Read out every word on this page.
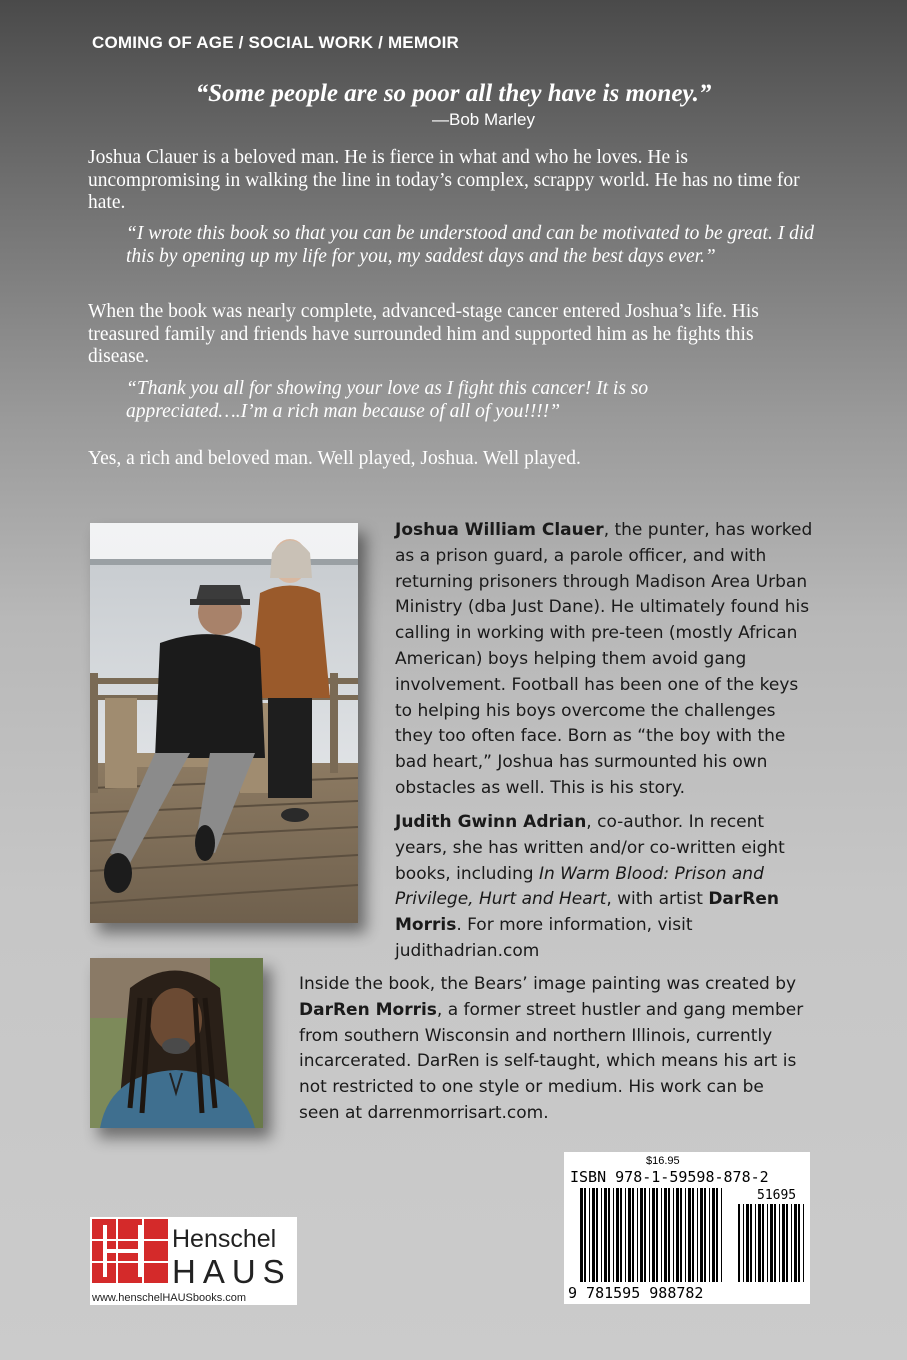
COMING OF AGE / SOCIAL WORK / MEMOIR
“Some people are so poor all they have is money.”
—Bob Marley
Joshua Clauer is a beloved man. He is fierce in what and who he loves. He is uncompromising in walking the line in today’s complex, scrappy world. He has no time for hate.
“I wrote this book so that you can be understood and can be motivated to be great. I did this by opening up my life for you, my saddest days and the best days ever.”
When the book was nearly complete, advanced-stage cancer entered Joshua’s life. His treasured family and friends have surrounded him and supported him as he fights this disease.
“Thank you all for showing your love as I fight this cancer! It is so appreciated….I’m a rich man because of all of you!!!!”
Yes, a rich and beloved man. Well played, Joshua. Well played.
Joshua William Clauer, the punter, has worked as a prison guard, a parole officer, and with returning prisoners through Madison Area Urban Ministry (dba Just Dane). He ultimately found his calling in working with pre-teen (mostly African American) boys helping them avoid gang involvement. Football has been one of the keys to helping his boys overcome the challenges they too often face. Born as “the boy with the bad heart,” Joshua has surmounted his own obstacles as well. This is his story.
Judith Gwinn Adrian, co-author. In recent years, she has written and/or co-written eight books, including In Warm Blood: Prison and Privilege, Hurt and Heart, with artist DarRen Morris. For more information, visit judithadrian.com
Inside the book, the Bears’ image painting was created by DarRen Morris, a former street hustler and gang member from southern Wisconsin and northern Illinois, currently incarcerated. DarRen is self-taught, which means his art is not restricted to one style or medium. His work can be seen at darrenmorrisart.com.
Henschel
HAUS
www.henschelHAUSbooks.com
$16.95
ISBN 978-1-59598-878-2
51695
9 781595 988782
